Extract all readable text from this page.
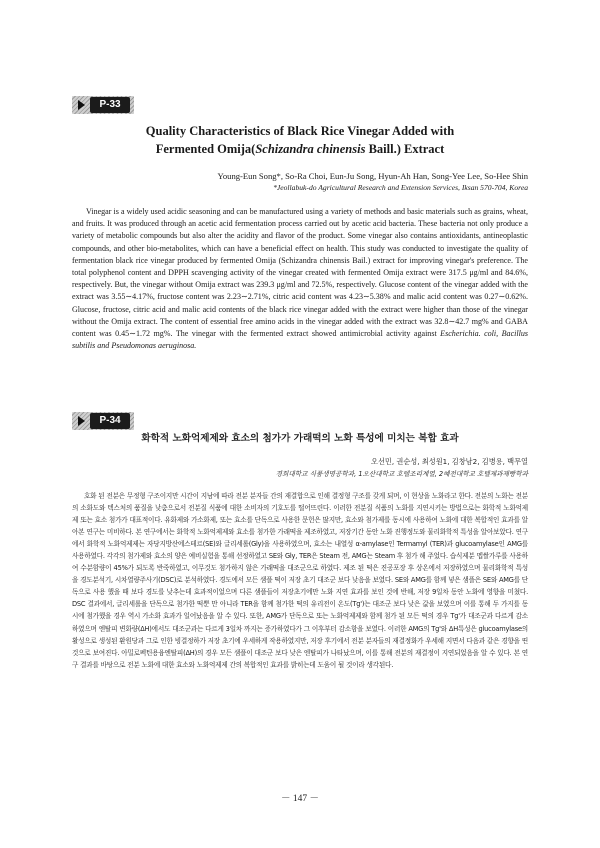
P-33
Quality Characteristics of Black Rice Vinegar Added with
Fermented Omija(Schizandra chinensis Baill.) Extract
Young-Eun Song*, So-Ra Choi, Eun-Ju Song, Hyun-Ah Han, Song-Yee Lee, So-Hee Shin
*Jeollabuk-do Agricultural Research and Extension Services, Iksan 570-704, Korea

Vinegar is a widely used acidic seasoning and can be manufactured using a variety of methods and basic materials such as grains, wheat, and fruits. It was produced through an acetic acid fermentation process carried out by acetic acid bacteria. These bacteria not only produce a variety of metabolic compounds but also alter the acidity and flavor of the product. Some vinegar also contains antioxidants, antineoplastic compounds, and other bio-metabolites, which can have a beneficial effect on health. This study was conducted to investigate the quality of fermentation black rice vinegar produced by fermented Omija (Schizandra chinensis Bail.) extract for improving vinegar's preference. The total polyphenol content and DPPH scavenging activity of the vinegar created with fermented Omija extract were 317.5 μg/ml and 84.6%, respectively. But, the vinegar without Omija extract was 239.3 μg/ml and 72.5%, respectively. Glucose content of the vinegar added with the extract was 3.55∼4.17%, fructose content was 2.23∼2.71%, citric acid content was 4.23∼5.38% and malic acid content was 0.27∼0.62%. Glucose, fructose, citric acid and malic acid contents of the black rice vinegar added with the extract were higher than those of the vinegar without the Omija extract. The content of essential free amino acids in the vinegar added with the extract was 32.8∼42.7 mg% and GABA content was 0.45∼1.72 mg%. The vinegar with the fermented extract showed antimicrobial activity against Escherichia. coli, Bacillus subtilis and Pseudomonas aeruginosa.

P-34
화학적 노화억제제와 효소의 첨가가 가래떡의 노화 특성에 미치는 복합 효과
오선민, 권순성, 최성원1, 김창남2, 김병용, 백무열
경희대학교 식품생명공학과, 1오산대학교 호텔조리계열, 2혜전대학교 호텔제과제빵학과

호화 된 전분은 무정형 구조이지만 시간이 지남에 따라 전분 분자들 간의 재결합으로 인해 결정형 구조를 갖게 되며, 이 현상을 노화라고 한다. 전분의 노화는 전분의 소화도와 텍스처의 품질을 낮춤으로서 전분질 식품에 대한 소비자의 기호도를 떨어뜨린다. 이러한 전분질 식품의 노화를 지연시키는 방법으로는 화학적 노화억제제 또는 효소 첨가가 대표적이다. 유화제와 가소화제, 또는 효소를 단독으로 사용한 문헌은 많지만, 효소와 첨가제를 동시에 사용하여 노화에 대한 복합적인 효과를 알아본 연구는 미비하다. 본 연구에서는 화학적 노화억제제와 효소를 첨가한 가래떡을 제조하였고, 저장기간 동안 노화 진행정도와 물리화학적 특성을 알아보았다. 연구에서 화학적 노화억제제는 자당지방산에스테르(SE)와 글리세롤(Gly)을 사용하였으며, 효소는 내열성 α-amylase인 Termamyl (TER)과 glucoamylase인 AMG를 사용하였다. 각각의 첨가제와 효소의 양은 예비실험을 통해 선정하였고 SE와 Gly, TER은 Steam 전, AMG는 Steam 후 첨가 해 주었다. 습식제분 멥쌀가루를 사용하여 수분함량이 45%가 되도록 반죽하였고, 이무것도 첨가하지 않은 가래떡을 대조군으로 하였다. 제조 된 떡은 진공포장 후 상온에서 저장하였으며 물리화학적 특성을 경도분석기, 시차열량주사기(DSC)로 분석하였다. 경도에서 모든 샘플 떡이 저장 초기 대조군 보다 낮음을 보였다. SE와 AMG를 함께 넣은 샘플은 SE와 AMG를 단독으로 사용 했을 때 보다 경도를 낮추는데 효과적이었으며 다른 샘플들이 저장초기에만 노화 지연 효과를 보인 것에 반해, 저장 9일차 동안 노화에 영향을 미쳤다. DSC 결과에서, 글리세롤을 단독으로 첨가한 떡뿐 만 아니라 TER을 함께 첨가한 떡의 유리전이 온도(Tg')는 대조군 보다 낮은 값을 보였으며 이를 통해 두 가지를 동시에 첨가했을 경우 역시 가소화 효과가 일어났음을 알 수 있다. 또한, AMG가 단독으로 또는 노화억제제와 함께 첨가 된 모든 떡의 경우 Tg'가 대조군과 다르게 감소하였으며 엔탈피 변화량(ΔH)에서도 대조군과는 다르게 3일차 까지는 증가하였다가 그 이후부터 감소함을 보였다. 이러한 AMG의 Tg'와 ΔH특성은 glucoamylase의 활성으로 생성된 환원당과 그로 인한 빙결정하가 저장 초기에 우세하게 작용하였지만, 저장 후기에서 전분 분자들의 재결정화가 우세해 지면서 다음과 같은 경향을 띤 것으로 보여진다. 아밀로펙틴용융엔탈피(ΔH)의 경우 모든 샘플이 대조군 보다 낮은 엔탈피가 나타났으며, 이를 통해 전분의 재결정이 지연되었음을 알 수 있다. 본 연구 결과를 바탕으로 전분 노화에 대한 효소와 노화억제제 간의 복합적인 효과를 밝히는데 도움이 될 것이라 생각된다.

－ 147 －
